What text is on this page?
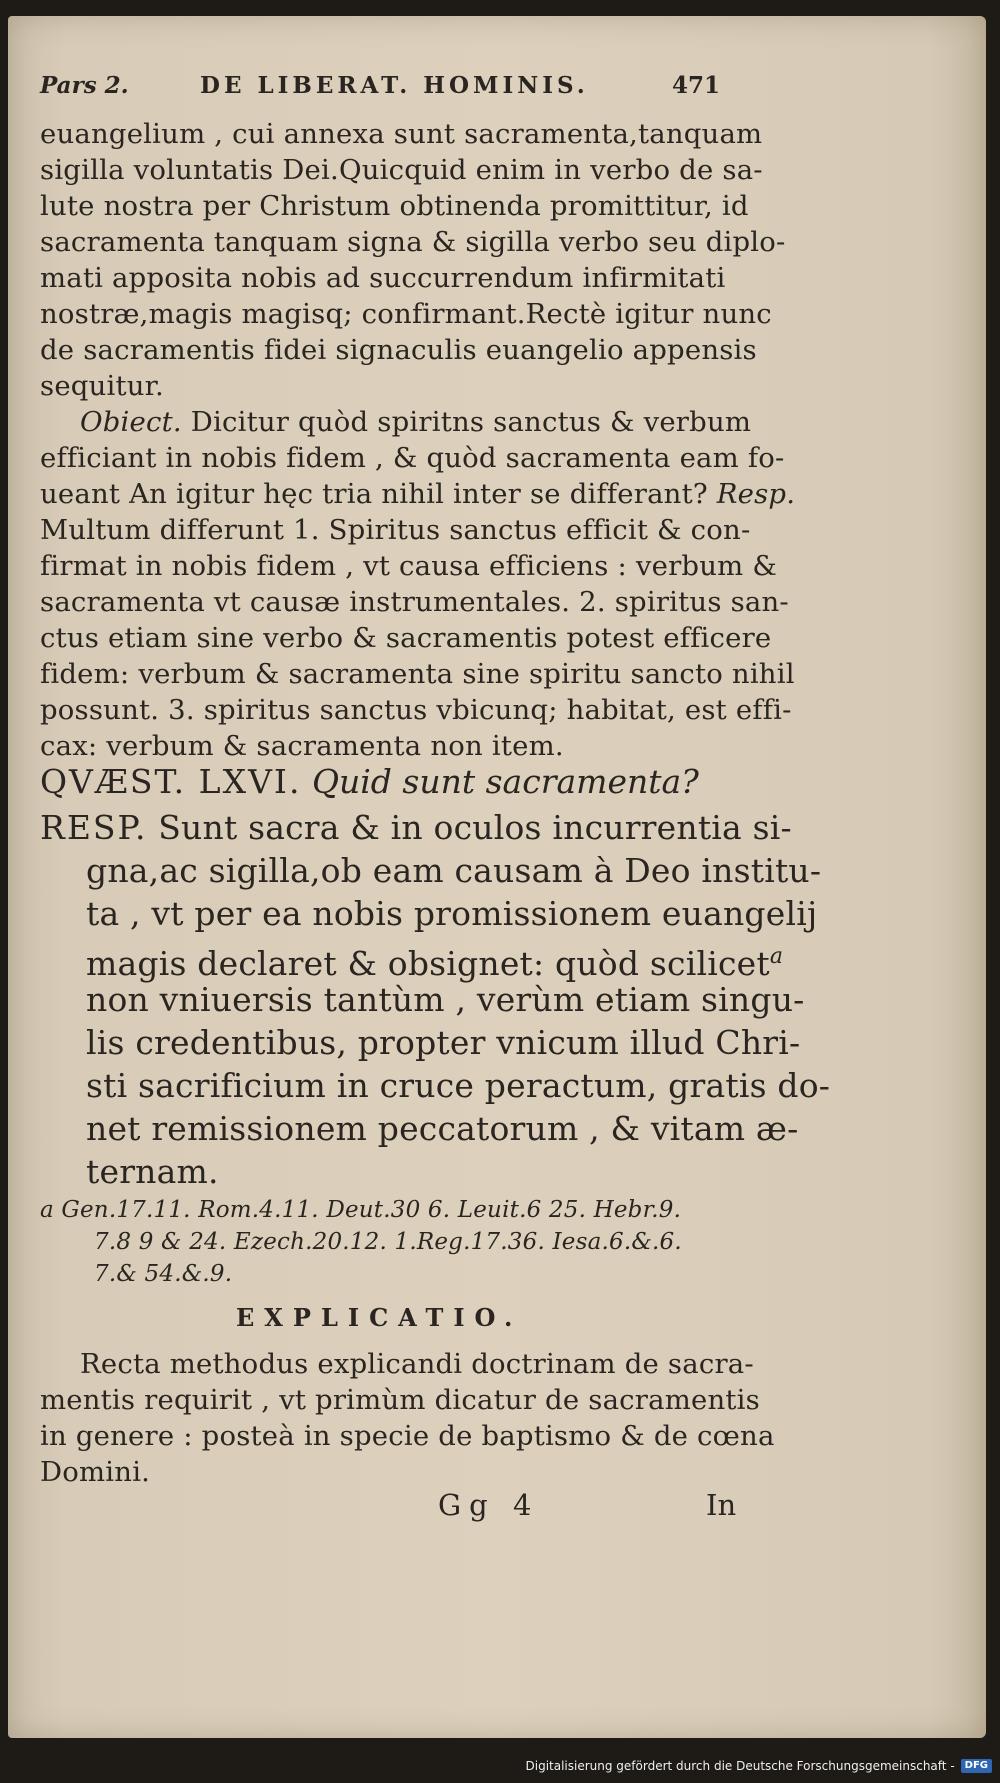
Pars 2.	DE LIBERAT. HOMINIS.	471
euangelium , cui annexa sunt sacramenta,tanquam
sigilla voluntatis Dei.Quicquid enim in verbo de sa-
lute nostra per Christum obtinenda promittitur, id
sacramenta tanquam signa & sigilla verbo seu diplo-
mati apposita nobis ad succurrendum infirmitati
nostræ,magis magisq; confirmant.Rectè igitur nunc
de sacramentis fidei signaculis euangelio appensis
sequitur.
Obiect. Dicitur quòd spiritns sanctus & verbum
efficiant in nobis fidem , & quòd sacramenta eam fo-
ueant An igitur hęc tria nihil inter se differant? Resp.
Multum differunt 1. Spiritus sanctus efficit & con-
firmat in nobis fidem , vt causa efficiens : verbum &
sacramenta vt causæ instrumentales. 2. spiritus san-
ctus etiam sine verbo & sacramentis potest efficere
fidem: verbum & sacramenta sine spiritu sancto nihil
possunt. 3. spiritus sanctus vbicunq; habitat, est effi-
cax: verbum & sacramenta non item.
QVÆST. LXVI. Quid sunt sacramenta?
RESP. Sunt sacra & in oculos incurrentia si-
gna,ac sigilla,ob eam causam à Deo institu-
ta , vt per ea nobis promissionem euangelij
magis declaret & obsignet: quòd scilicet$^a$
non vniuersis tantùm , verùm etiam singu-
lis credentibus, propter vnicum illud Chri-
sti sacrificium in cruce peractum, gratis do-
net remissionem peccatorum , & vitam æ-
ternam.
a Gen.17.11. Rom.4.11. Deut.30 6. Leuit.6 25. Hebr.9.
7.8 9 & 24. Ezech.20.12. 1.Reg.17.36. Iesa.6.&.6.
7.& 54.&.9.
EXPLICATIO.
Recta methodus explicandi doctrinam de sacra-
mentis requirit , vt primùm dicatur de sacramentis
in genere : posteà in specie de baptismo & de cœna
Domini.
Gg 4	In
Digitalisierung gefördert durch die Deutsche Forschungsgemeinschaft -	DFG
